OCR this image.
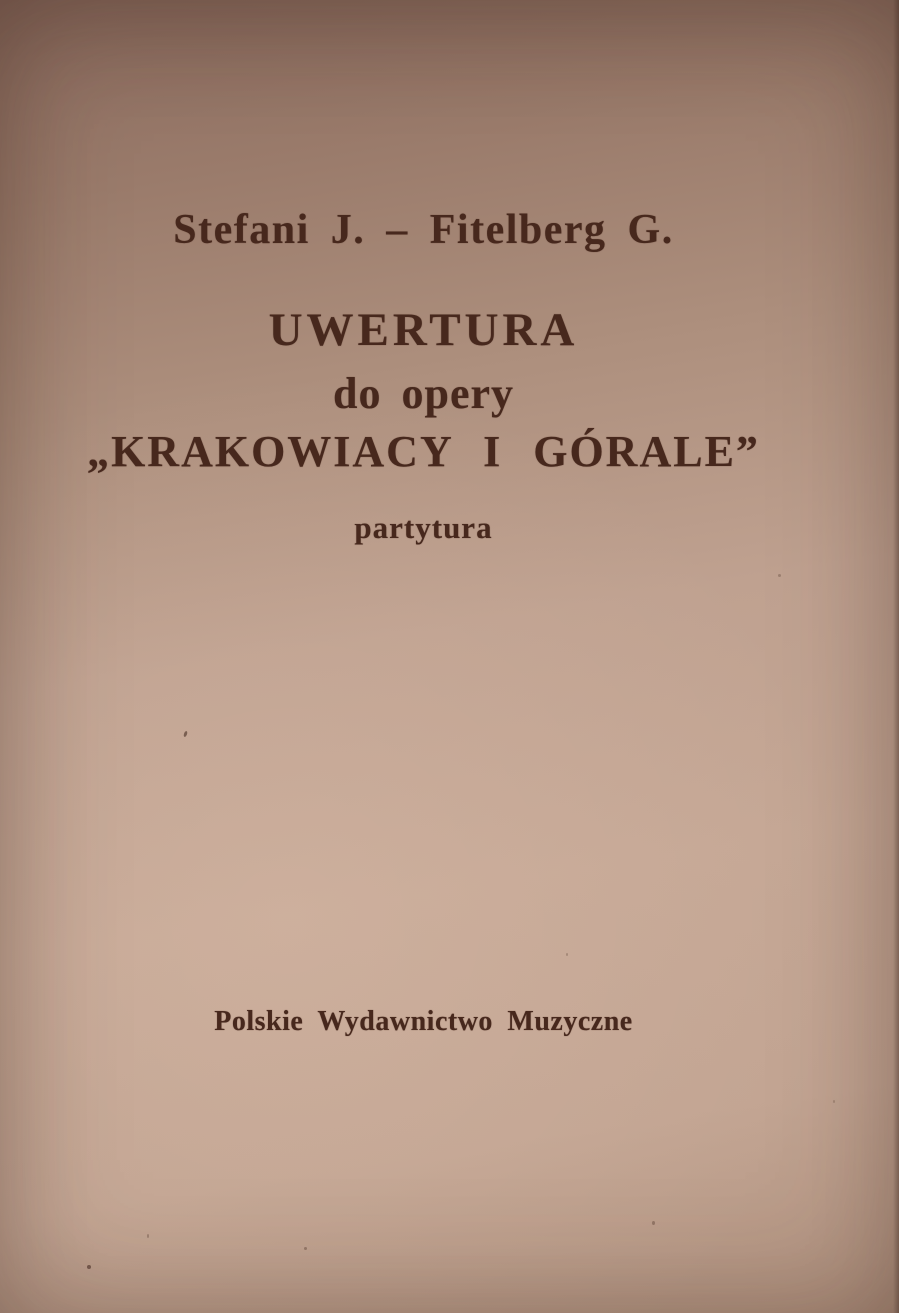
Stefani J. – Fitelberg G.
UWERTURA
do opery
„KRAKOWIACY I GÓRALE”
partytura
Polskie Wydawnictwo Muzyczne
